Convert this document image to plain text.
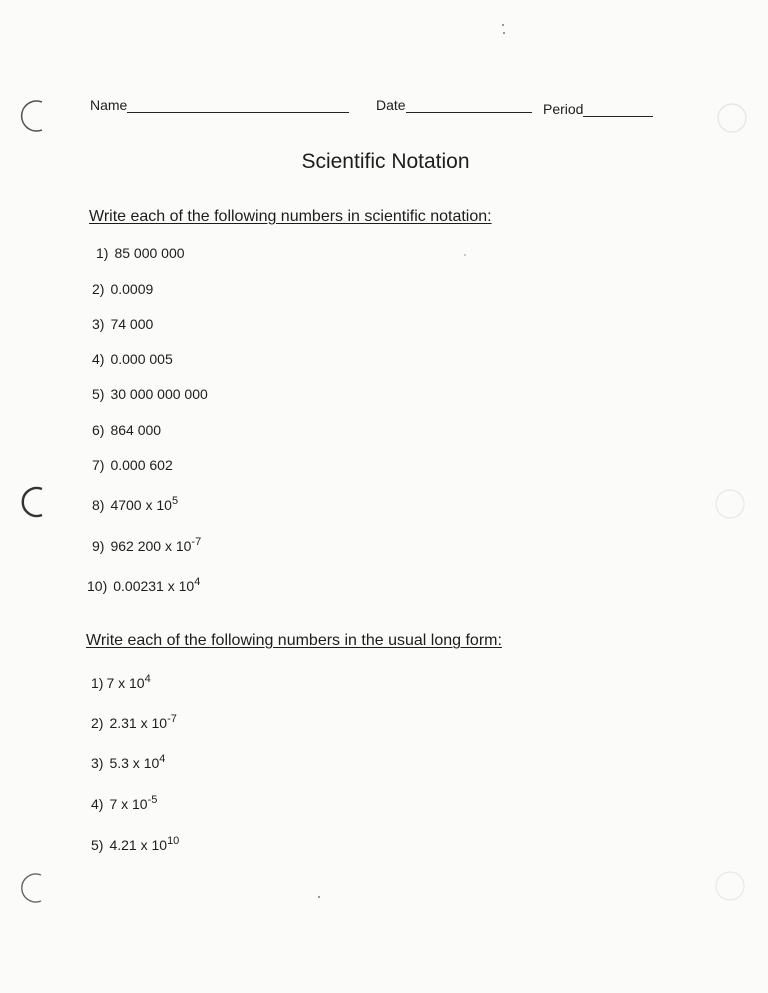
Name	Date	Period
Scientific Notation
Write each of the following numbers in scientific notation:
1) 85 000 000
2) 0.0009
3) 74 000
4) 0.000 005
5) 30 000 000 000
6) 864 000
7) 0.000 602
8) 4700 x $10^5$
9) 962 200 x $10^{-7}$
10) 0.00231 x $10^4$
Write each of the following numbers in the usual long form:
1) 7 x $10^4$
2) 2.31 x $10^{-7}$
3) 5.3 x $10^4$
4) 7 x $10^{-5}$
5) 4.21 x $10^{10}$
